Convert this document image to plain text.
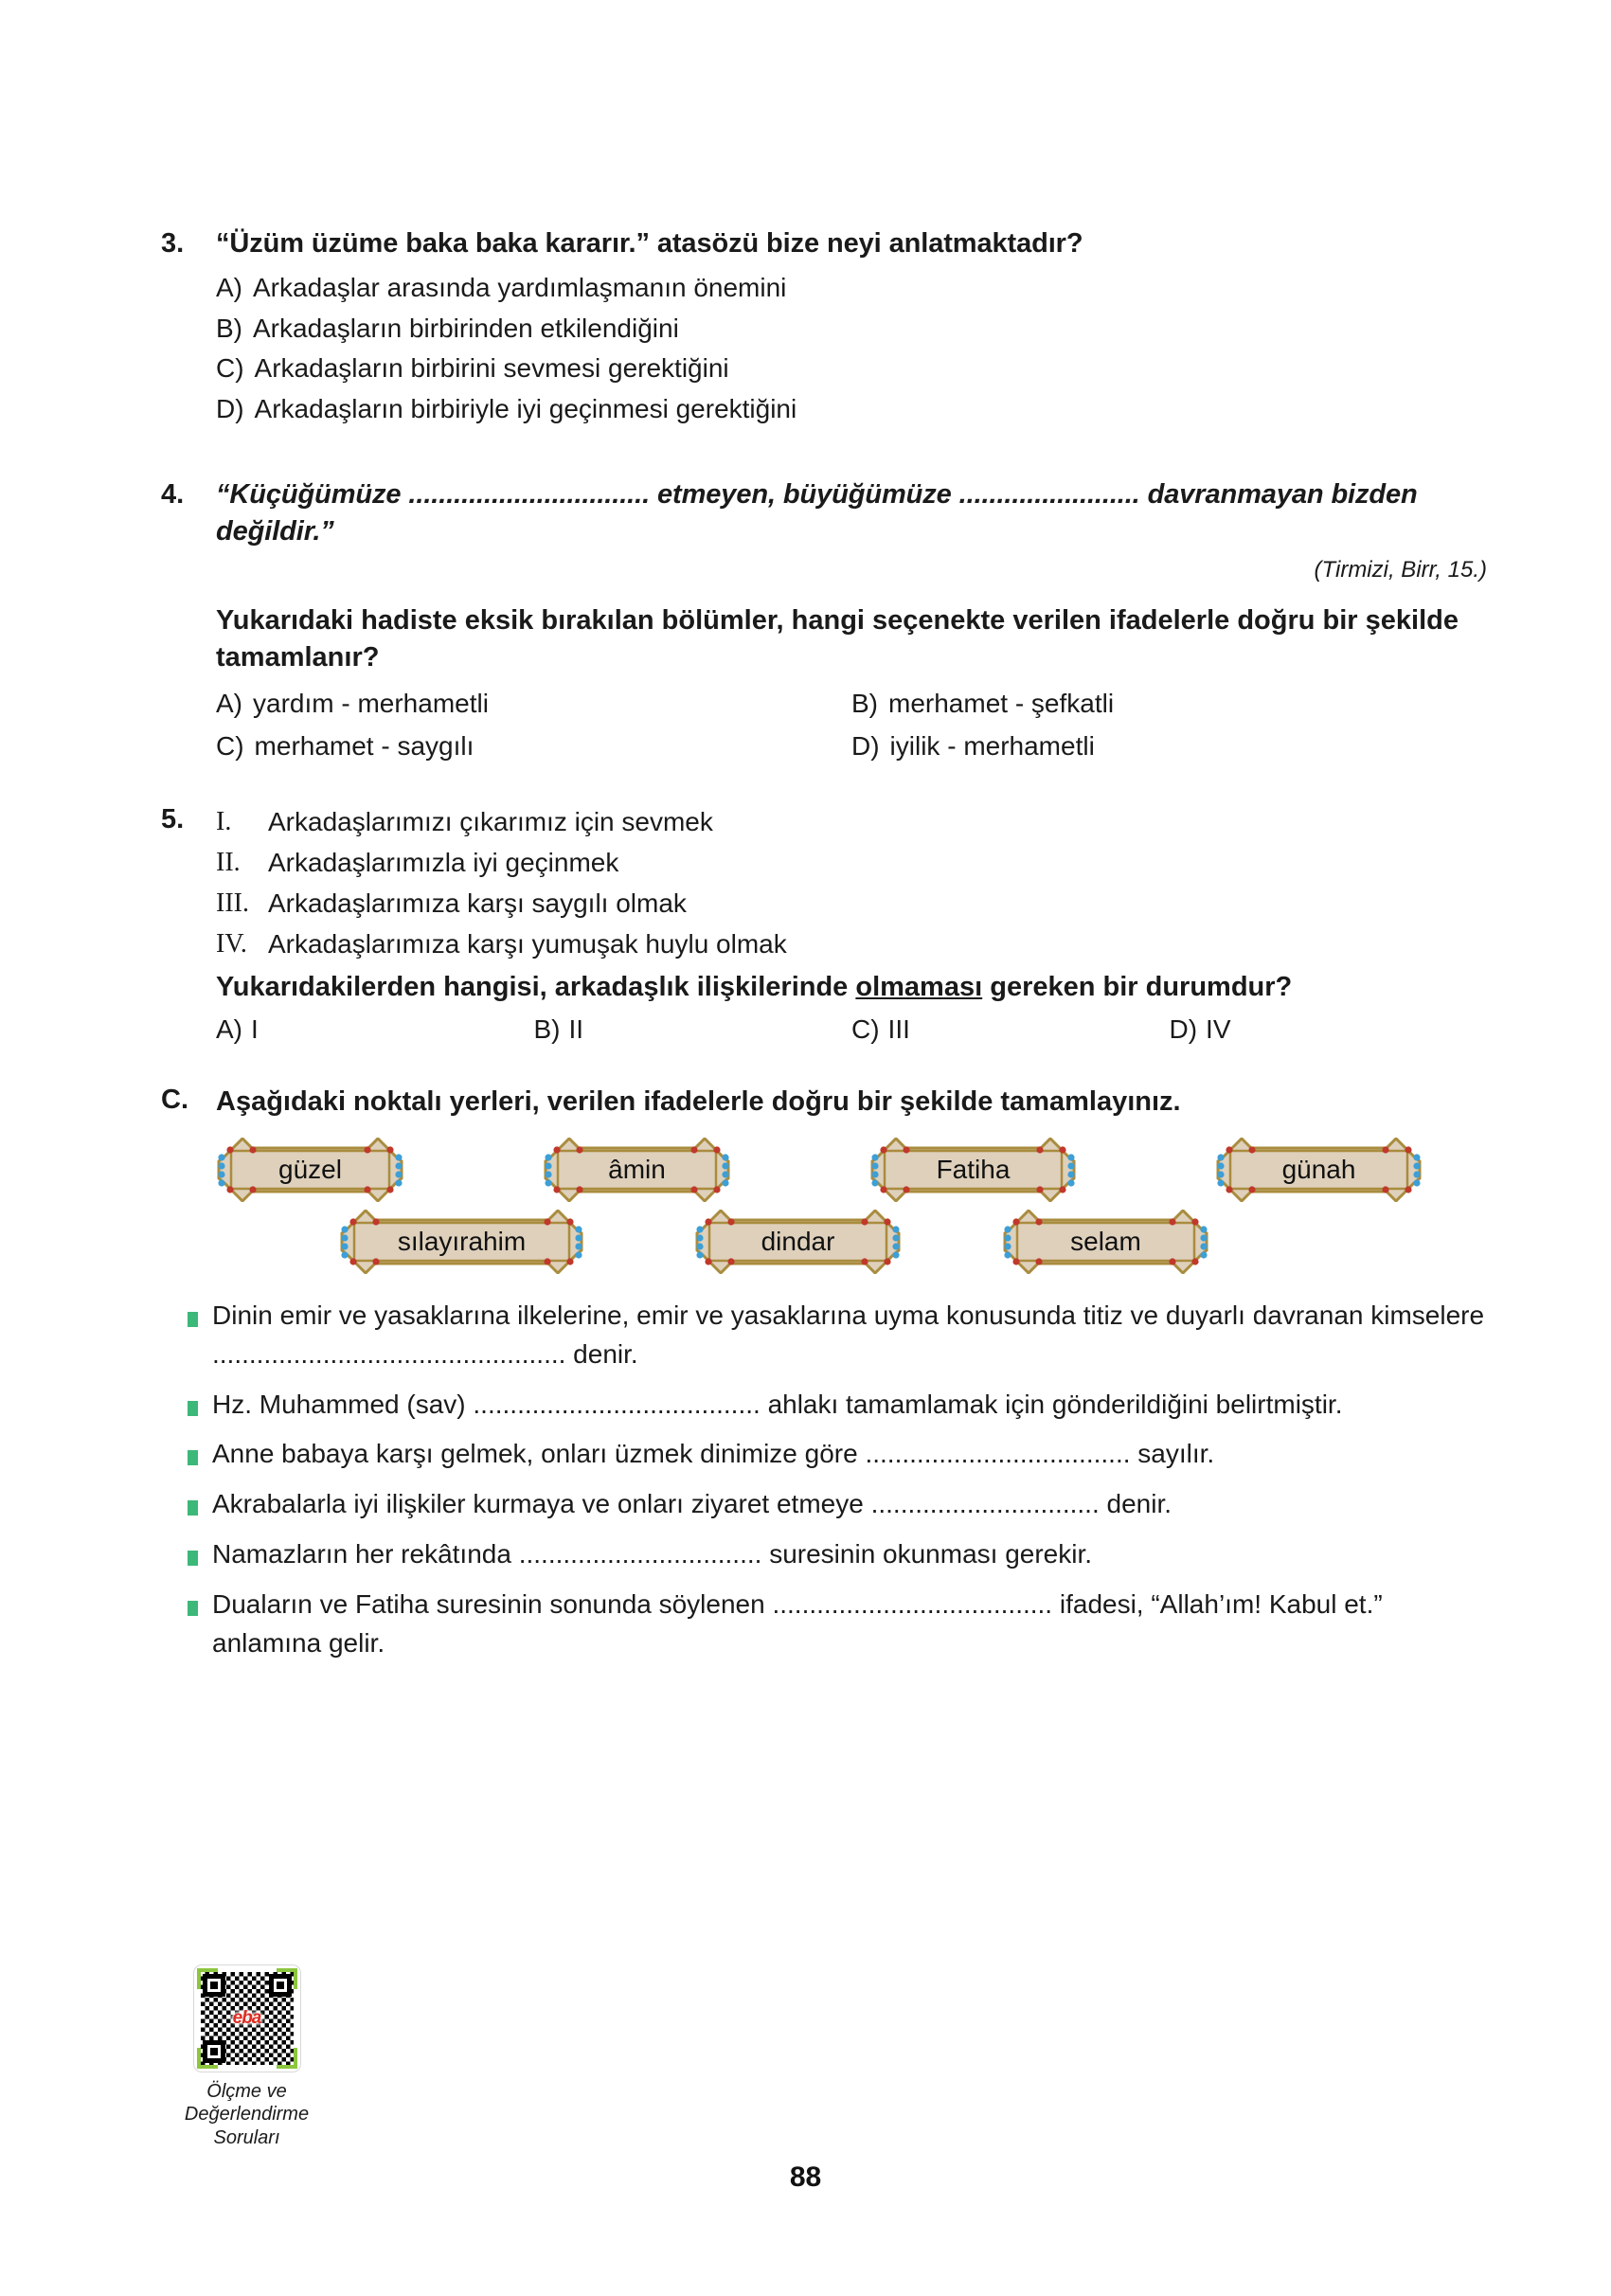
3.	“Üzüm üzüme baka baka kararır.” atasözü bize neyi anlatmaktadır?
A) Arkadaşlar arasında yardımlaşmanın önemini
B) Arkadaşların birbirinden etkilendiğini
C) Arkadaşların birbirini sevmesi gerektiğini
D) Arkadaşların birbiriyle iyi geçinmesi gerektiğini
4.	“Küçüğümüze ................................ etmeyen, büyüğümüze ........................ davranmayan bizden değildir.”
(Tirmizi, Birr, 15.)
Yukarıdaki hadiste eksik bırakılan bölümler, hangi seçenekte verilen ifadelerle doğru bir şekilde tamamlanır?
A) yardım - merhametli	B) merhamet - şefkatli
C) merhamet - saygılı	D) iyilik - merhametli
5.	I.	Arkadaşlarımızı çıkarımız için sevmek
II.	Arkadaşlarımızla iyi geçinmek
III. Arkadaşlarımıza karşı saygılı olmak
IV. Arkadaşlarımıza karşı yumuşak huylu olmak
Yukarıdakilerden hangisi, arkadaşlık ilişkilerinde olmaması gereken bir durumdur?
A) I	B) II	C) III	D) IV
C.	Aşağıdaki noktalı yerleri, verilen ifadelerle doğru bir şekilde tamamlayınız.
güzel	âmin	Fatiha	günah
sılayırahim	dindar	selam
Dinin emir ve yasaklarına ilkelerine, emir ve yasaklarına uyma konusunda titiz ve duyarlı davranan kimselere ................................................ denir.
Hz. Muhammed (sav) ....................................... ahlakı tamamlamak için gönderildiğini belirtmiştir.
Anne babaya karşı gelmek, onları üzmek dinimize göre .................................... sayılır.
Akrabalarla iyi ilişkiler kurmaya ve onları ziyaret etmeye ............................... denir.
Namazların her rekâtında ................................. suresinin okunması gerekir.
Duaların ve Fatiha suresinin sonunda söylenen ...................................... ifadesi, “Allah’ım! Kabul et.” anlamına gelir.
eba
Ölçme ve
Değerlendirme
Soruları
88
